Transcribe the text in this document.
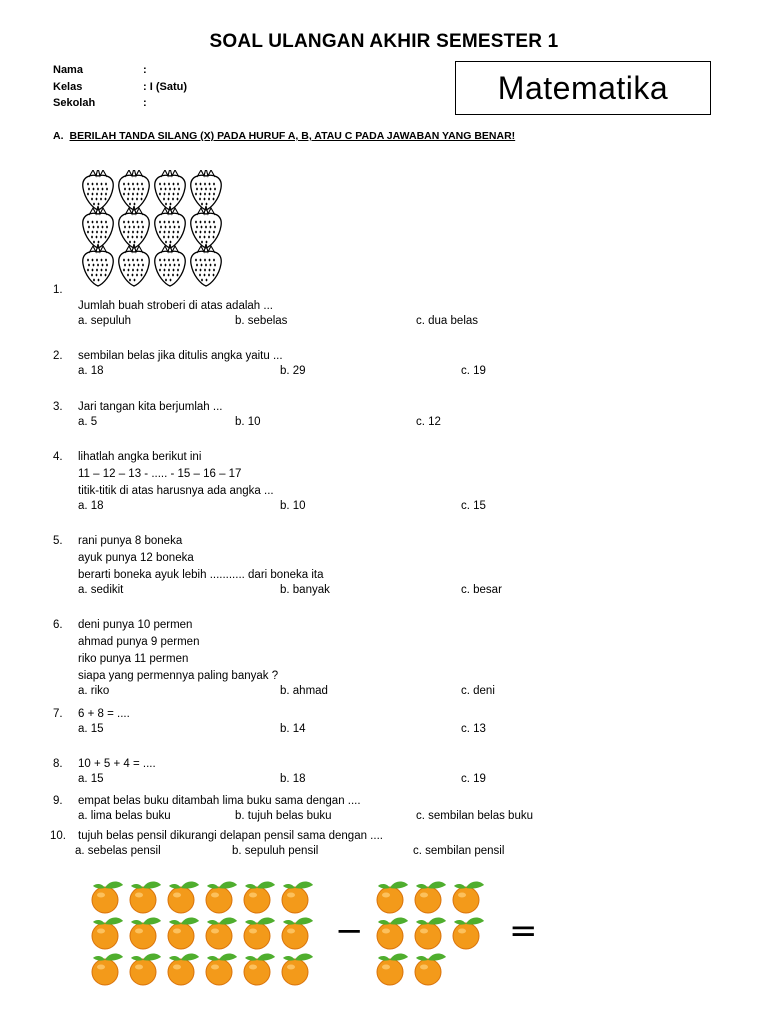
SOAL ULANGAN AKHIR SEMESTER 1
Nama	:
Kelas	: I (Satu)
Sekolah	:	Matematika
A. BERILAH TANDA SILANG (X) PADA HURUF A, B, ATAU C PADA JAWABAN YANG BENAR!
1.
Jumlah buah stroberi di atas adalah ...
a. sepuluh	b. sebelas	c. dua belas
2. sembilan belas jika ditulis angka yaitu ...
a. 18	b. 29	c. 19
3. Jari tangan kita berjumlah ...
a. 5	b. 10	c. 12
4. lihatlah angka berikut ini
11 – 12 – 13 - ..... - 15 – 16 – 17
titik-titik di atas harusnya ada angka ...
a. 18	b. 10	c. 15
5. rani punya 8 boneka
ayuk punya 12 boneka
berarti boneka ayuk lebih ........... dari boneka ita
a. sedikit	b. banyak	c. besar
6. deni punya 10 permen
ahmad punya 9 permen
riko punya 11 permen
siapa yang permennya paling banyak ?
a. riko	b. ahmad	c. deni
7. 6 + 8 = ....
a. 15	b. 14	c. 13
8. 10 + 5 + 4 = ....
a. 15	b. 18	c. 19
9. empat belas buku ditambah lima buku sama dengan ....
a. lima belas buku	b. tujuh belas buku	c. sembilan belas buku
10. tujuh belas pensil dikurangi delapan pensil sama dengan ....
a. sebelas pensil	b. sepuluh pensil	c. sembilan pensil
−	=
